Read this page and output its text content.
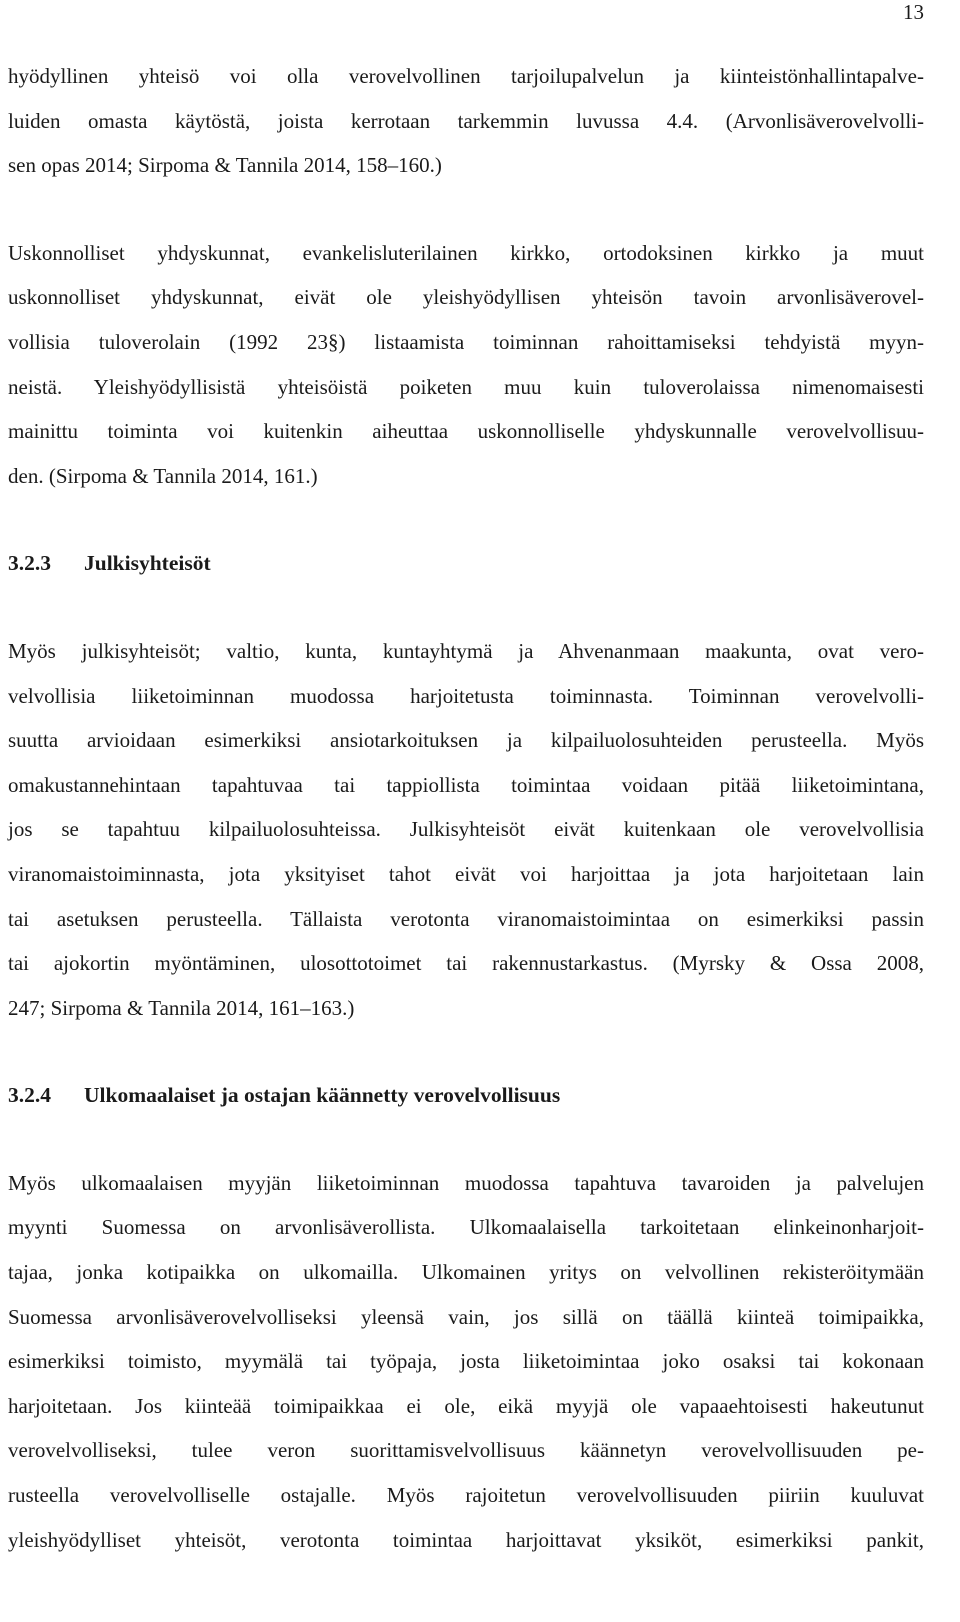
13
hyödyllinen yhteisö voi olla verovelvollinen tarjoilupalvelun ja kiinteistönhallintapalve-
luiden omasta käytöstä, joista kerrotaan tarkemmin luvussa 4.4. (Arvonlisäverovelvolli-
sen opas 2014; Sirpoma & Tannila 2014, 158–160.)
Uskonnolliset yhdyskunnat, evankelisluterilainen kirkko, ortodoksinen kirkko ja muut
uskonnolliset yhdyskunnat, eivät ole yleishyödyllisen yhteisön tavoin arvonlisäverovel-
vollisia tuloverolain (1992 23§) listaamista toiminnan rahoittamiseksi tehdyistä myyn-
neistä. Yleishyödyllisistä yhteisöistä poiketen muu kuin tuloverolaissa nimenomaisesti
mainittu toiminta voi kuitenkin aiheuttaa uskonnolliselle yhdyskunnalle verovelvollisuu-
den. (Sirpoma & Tannila 2014, 161.)
3.2.3 Julkisyhteisöt
Myös julkisyhteisöt; valtio, kunta, kuntayhtymä ja Ahvenanmaan maakunta, ovat vero-
velvollisia liiketoiminnan muodossa harjoitetusta toiminnasta. Toiminnan verovelvolli-
suutta arvioidaan esimerkiksi ansiotarkoituksen ja kilpailuolosuhteiden perusteella. Myös
omakustannehintaan tapahtuvaa tai tappiollista toimintaa voidaan pitää liiketoimintana,
jos se tapahtuu kilpailuolosuhteissa. Julkisyhteisöt eivät kuitenkaan ole verovelvollisia
viranomaistoiminnasta, jota yksityiset tahot eivät voi harjoittaa ja jota harjoitetaan lain
tai asetuksen perusteella. Tällaista verotonta viranomaistoimintaa on esimerkiksi passin
tai ajokortin myöntäminen, ulosottotoimet tai rakennustarkastus. (Myrsky & Ossa 2008,
247; Sirpoma & Tannila 2014, 161–163.)
3.2.4 Ulkomaalaiset ja ostajan käännetty verovelvollisuus
Myös ulkomaalaisen myyjän liiketoiminnan muodossa tapahtuva tavaroiden ja palvelujen
myynti Suomessa on arvonlisäverollista. Ulkomaalaisella tarkoitetaan elinkeinonharjoit-
tajaa, jonka kotipaikka on ulkomailla. Ulkomainen yritys on velvollinen rekisteröitymään
Suomessa arvonlisäverovelvolliseksi yleensä vain, jos sillä on täällä kiinteä toimipaikka,
esimerkiksi toimisto, myymälä tai työpaja, josta liiketoimintaa joko osaksi tai kokonaan
harjoitetaan. Jos kiinteää toimipaikkaa ei ole, eikä myyjä ole vapaaehtoisesti hakeutunut
verovelvolliseksi, tulee veron suorittamisvelvollisuus käännetyn verovelvollisuuden pe-
rusteella verovelvolliselle ostajalle. Myös rajoitetun verovelvollisuuden piiriin kuuluvat
yleishyödylliset yhteisöt, verotonta toimintaa harjoittavat yksiköt, esimerkiksi pankit,
